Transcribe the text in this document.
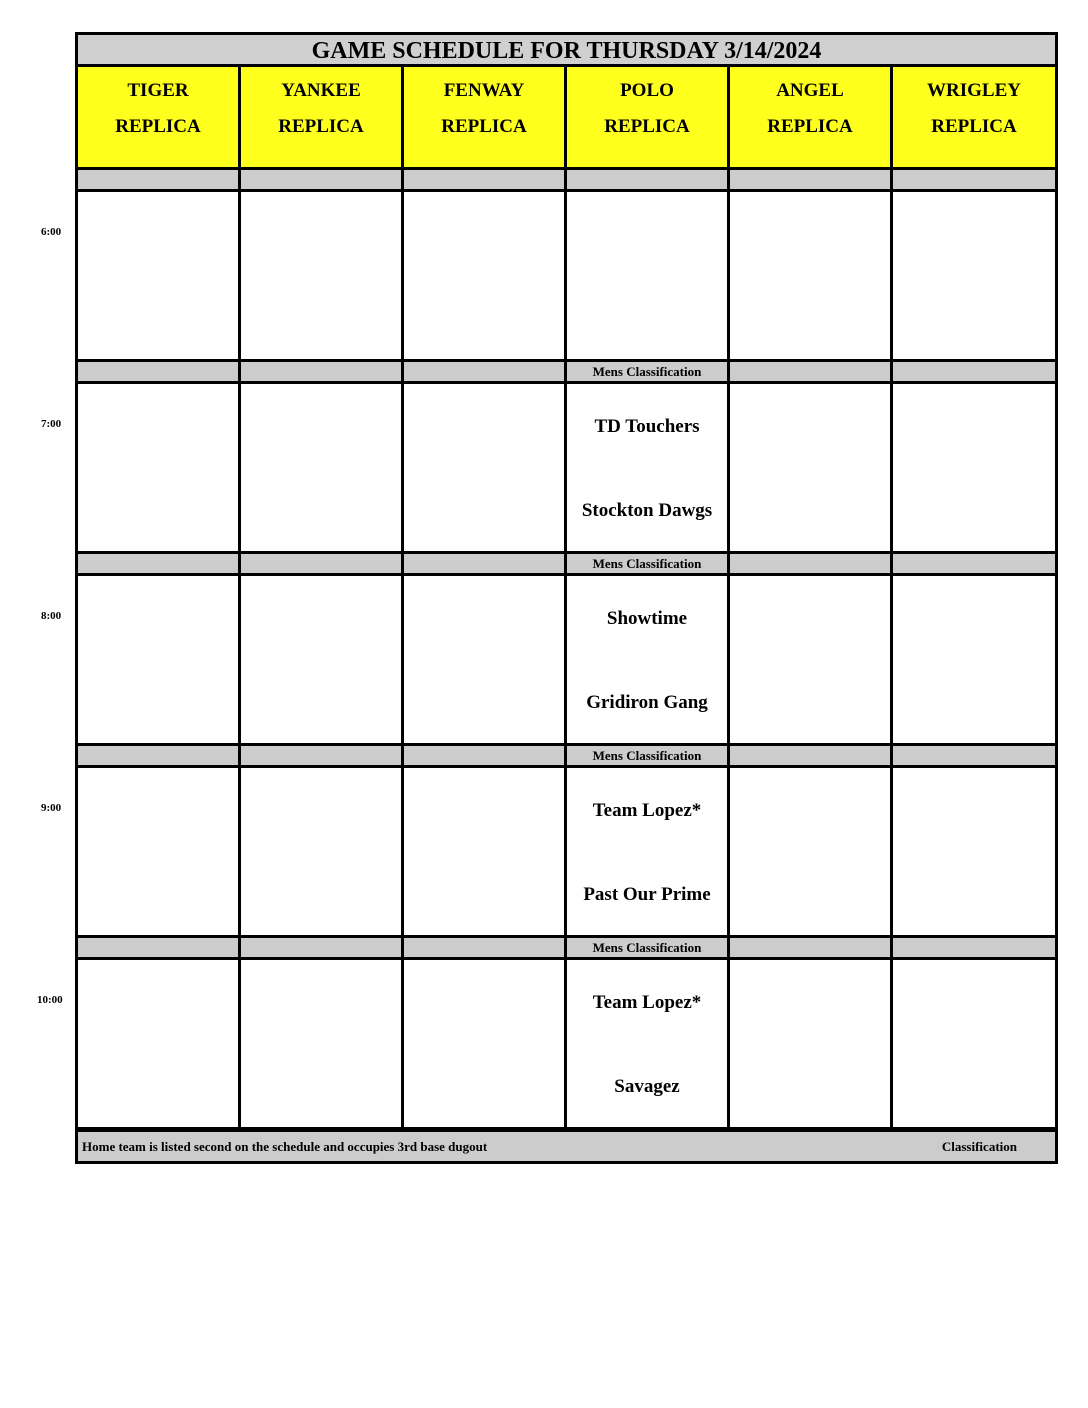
GAME SCHEDULE FOR THURSDAY 3/14/2024
TIGER
REPLICA
YANKEE
REPLICA
FENWAY
REPLICA
POLO
REPLICA
ANGEL
REPLICA
WRIGLEY
REPLICA
Mens Classification
TD Touchers
Stockton Dawgs
Mens Classification
Showtime
Gridiron Gang
Mens Classification
Team Lopez*
Past Our Prime
Mens Classification
Team Lopez*
Savagez
Home team is listed second on the schedule and occupies 3rd base dugout	Classification
6:00
7:00
8:00
9:00
10:00
